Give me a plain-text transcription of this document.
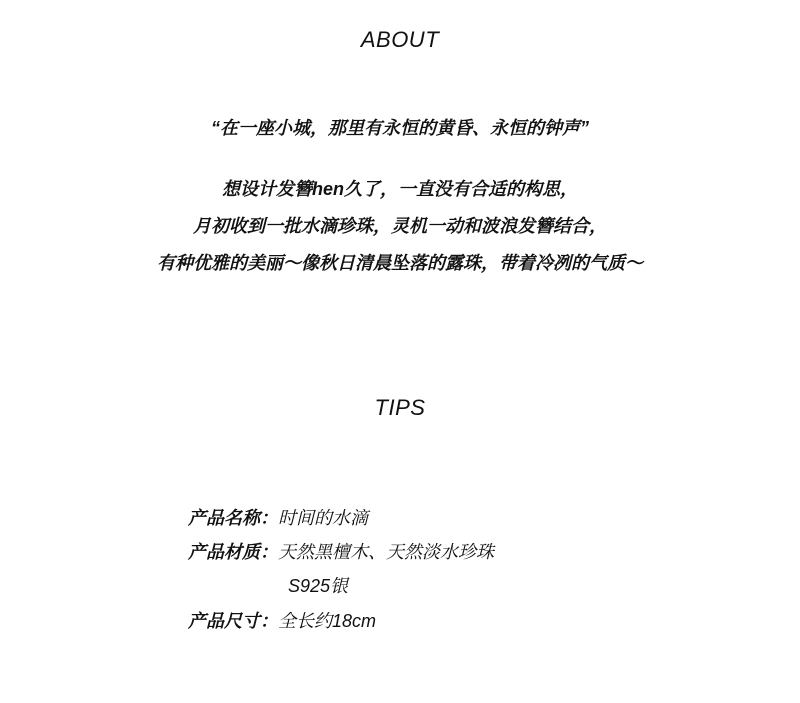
ABOUT
“在一座小城，那里有永恒的黄昏、永恒的钟声”
想设计发簪hen久了，一直没有合适的构思，
月初收到一批水滴珍珠，灵机一动和波浪发簪结合，
有种优雅的美丽～像秋日清晨坠落的露珠，带着冷冽的气质～
TIPS
产品名称：时间的水滴
产品材质：天然黑檀木、天然淡水珍珠
S925银
产品尺寸：全长约18cm
